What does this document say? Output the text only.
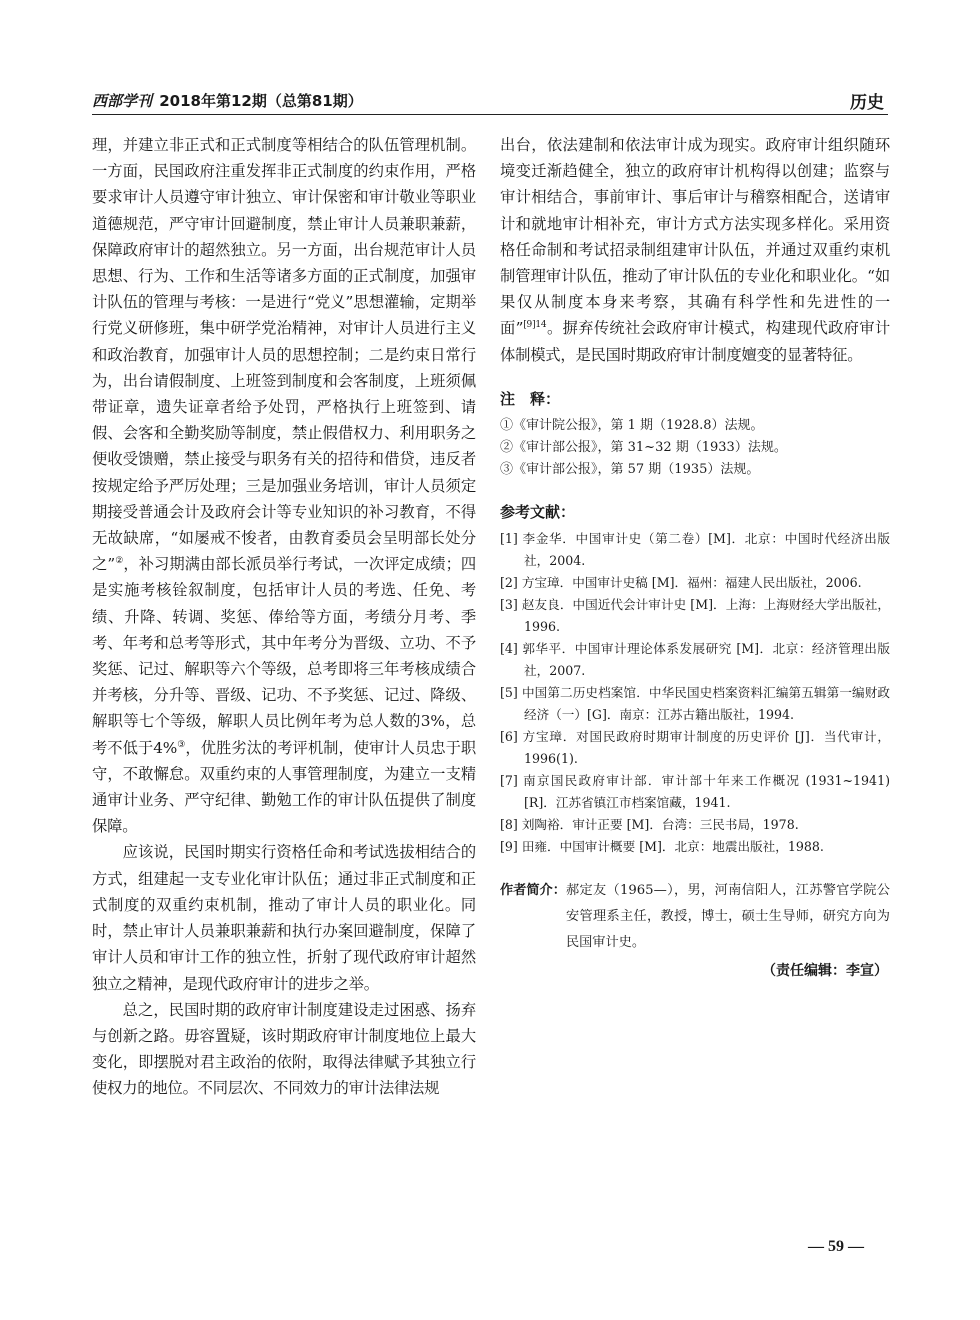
西部学刊 2018年第12期（总第81期）	历史

理，并建立非正式和正式制度等相结合的队伍管理机制。一方面，民国政府注重发挥非正式制度的约束作用，严格要求审计人员遵守审计独立、审计保密和审计敬业等职业道德规范，严守审计回避制度，禁止审计人员兼职兼薪，保障政府审计的超然独立。另一方面，出台规范审计人员思想、行为、工作和生活等诸多方面的正式制度，加强审计队伍的管理与考核：一是进行“党义”思想灌输，定期举行党义研修班，集中研学党治精神，对审计人员进行主义和政治教育，加强审计人员的思想控制；二是约束日常行为，出台请假制度、上班签到制度和会客制度，上班须佩带证章，遗失证章者给予处罚，严格执行上班签到、请假、会客和全勤奖励等制度，禁止假借权力、利用职务之便收受馈赠，禁止接受与职务有关的招待和借贷，违反者按规定给予严厉处理；三是加强业务培训，审计人员须定期接受普通会计及政府会计等专业知识的补习教育，不得无故缺席，“如屡戒不悛者，由教育委员会呈明部长处分之”②，补习期满由部长派员举行考试，一次评定成绩；四是实施考核铨叙制度，包括审计人员的考选、任免、考绩、升降、转调、奖惩、俸给等方面，考绩分月考、季考、年考和总考等形式，其中年考分为晋级、立功、不予奖惩、记过、解职等六个等级，总考即将三年考核成绩合并考核，分升等、晋级、记功、不予奖惩、记过、降级、解职等七个等级，解职人员比例年考为总人数的3%，总考不低于4%③，优胜劣汰的考评机制，使审计人员忠于职守，不敢懈怠。双重约束的人事管理制度，为建立一支精通审计业务、严守纪律、勤勉工作的审计队伍提供了制度保障。

应该说，民国时期实行资格任命和考试选拔相结合的方式，组建起一支专业化审计队伍；通过非正式制度和正式制度的双重约束机制，推动了审计人员的职业化。同时，禁止审计人员兼职兼薪和执行办案回避制度，保障了审计人员和审计工作的独立性，折射了现代政府审计超然独立之精神，是现代政府审计的进步之举。

总之，民国时期的政府审计制度建设走过困惑、扬弃与创新之路。毋容置疑，该时期政府审计制度地位上最大变化，即摆脱对君主政治的依附，取得法律赋予其独立行使权力的地位。不同层次、不同效力的审计法律法规

出台，依法建制和依法审计成为现实。政府审计组织随环境变迁渐趋健全，独立的政府审计机构得以创建；监察与审计相结合，事前审计、事后审计与稽察相配合，送请审计和就地审计相补充，审计方式方法实现多样化。采用资格任命制和考试招录制组建审计队伍，并通过双重约束机制管理审计队伍，推动了审计队伍的专业化和职业化。“如果仅从制度本身来考察，其确有科学性和先进性的一面”$^{[9]14}$。摒弃传统社会政府审计模式，构建现代政府审计体制模式，是民国时期政府审计制度嬗变的显著特征。

注　释：

①《审计院公报》，第 1 期（1928.8）法规。

②《审计部公报》，第 31~32 期（1933）法规。

③《审计部公报》，第 57 期（1935）法规。

参考文献：

[1] 李金华．中国审计史（第二卷）[M]．北京：中国时代经济出版社，2004.

[2] 方宝璋．中国审计史稿 [M]．福州：福建人民出版社，2006.

[3] 赵友良．中国近代会计审计史 [M]．上海：上海财经大学出版社，1996.

[4] 郭华平．中国审计理论体系发展研究 [M]．北京：经济管理出版社，2007.

[5] 中国第二历史档案馆．中华民国史档案资料汇编第五辑第一编财政经济（一）[G]．南京：江苏古籍出版社，1994.

[6] 方宝璋．对国民政府时期审计制度的历史评价 [J]．当代审计，1996(1).

[7] 南京国民政府审计部．审计部十年来工作概况 (1931~1941)[R]．江苏省镇江市档案馆藏，1941.

[8] 刘陶裕．审计正要 [M]．台湾：三民书局，1978.

[9] 田雍．中国审计概要 [M]．北京：地震出版社，1988.

作者简介： 郝定友（1965—），男，河南信阳人，江苏警官学院公安管理系主任，教授，博士，硕士生导师，研究方向为民国审计史。
（责任编辑：李宣）
— 59 —
